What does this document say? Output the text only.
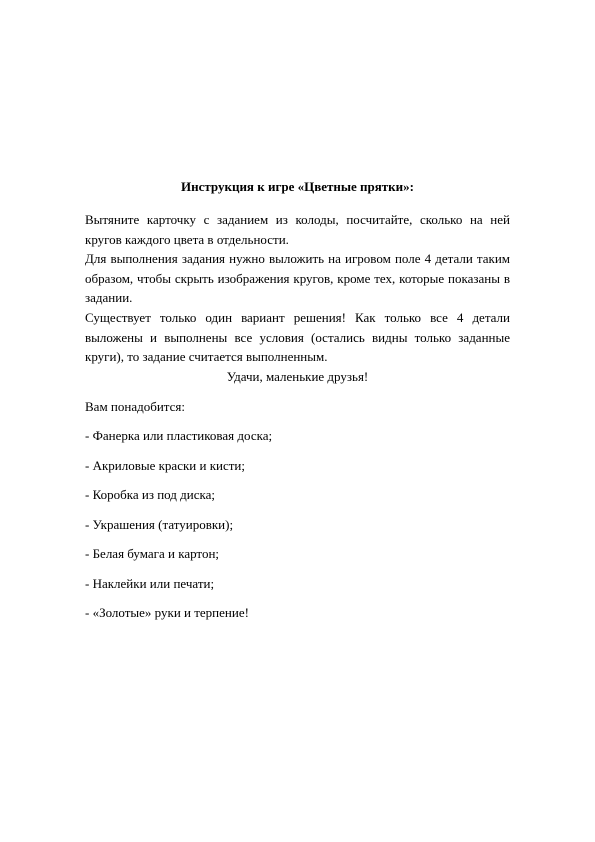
Инструкция к игре «Цветные прятки»:
Вытяните карточку с заданием из колоды, посчитайте, сколько на ней кругов каждого цвета в отдельности.
Для выполнения задания нужно выложить на игровом поле 4 детали таким образом, чтобы скрыть изображения кругов, кроме тех, которые показаны в задании.
Существует только один вариант решения! Как только все 4 детали выложены и выполнены все условия (остались видны только заданные круги), то задание считается выполненным.
Удачи, маленькие друзья!
Вам понадобится:
- Фанерка или пластиковая доска;
- Акриловые краски и кисти;
- Коробка из под диска;
- Украшения (татуировки);
- Белая бумага и картон;
- Наклейки или печати;
- «Золотые» руки и терпение!
